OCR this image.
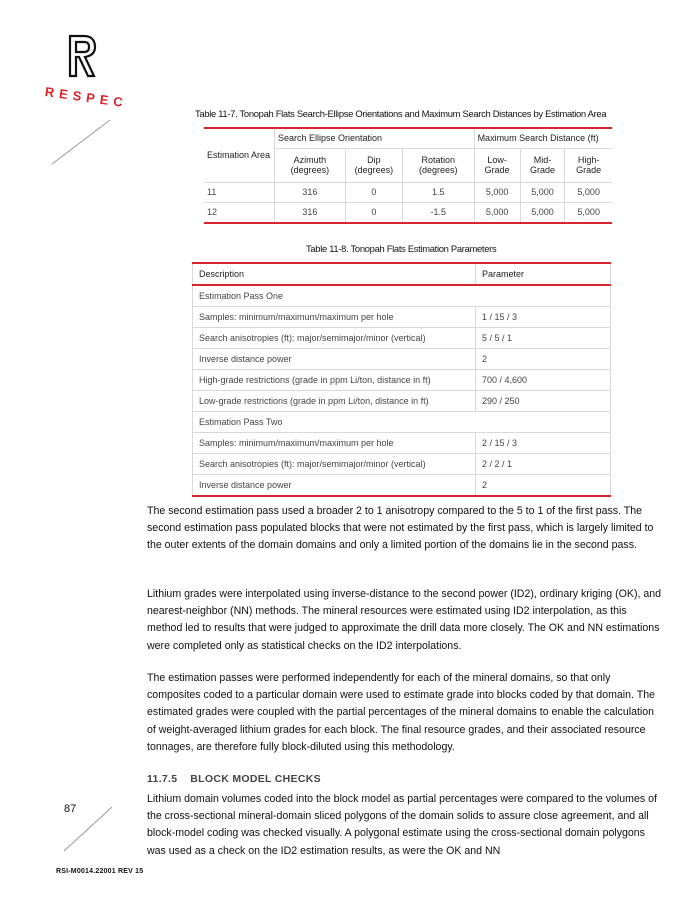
RESPEC
Table 11-7. Tonopah Flats Search-Ellipse Orientations and Maximum Search Distances by Estimation Area
Estimation Area	Search Ellipse Orientation			Maximum Search Distance (ft)		
	Azimuth (degrees)	Dip (degrees)	Rotation (degrees)	Low-Grade	Mid-Grade	High-Grade
11	316	0	1.5	5,000	5,000	5,000
12	316	0	-1.5	5,000	5,000	5,000
Table 11-8. Tonopah Flats Estimation Parameters
Description	Parameter
Estimation Pass One	
Samples: minimum/maximum/maximum per hole	1 / 15 / 3
Search anisotropies (ft): major/semimajor/minor (vertical)	5 / 5 / 1
Inverse distance power	2
High-grade restrictions (grade in ppm Li/ton, distance in ft)	700 / 4,600
Low-grade restrictions (grade in ppm Li/ton, distance in ft)	290 / 250
Estimation Pass Two	
Samples: minimum/maximum/maximum per hole	2 / 15 / 3
Search anisotropies (ft): major/semimajor/minor (vertical)	2 / 2 / 1
Inverse distance power	2

The second estimation pass used a broader 2 to 1 anisotropy compared to the 5 to 1 of the first pass. The second estimation pass populated blocks that were not estimated by the first pass, which is largely limited to the outer extents of the domain domains and only a limited portion of the domains lie in the second pass.

Lithium grades were interpolated using inverse-distance to the second power (ID2), ordinary kriging (OK), and nearest-neighbor (NN) methods. The mineral resources were estimated using ID2 interpolation, as this method led to results that were judged to approximate the drill data more closely. The OK and NN estimations were completed only as statistical checks on the ID2 interpolations.

The estimation passes were performed independently for each of the mineral domains, so that only composites coded to a particular domain were used to estimate grade into blocks coded by that domain. The estimated grades were coupled with the partial percentages of the mineral domains to enable the calculation of weight-averaged lithium grades for each block. The final resource grades, and their associated resource tonnages, are therefore fully block-diluted using this methodology.

11.7.5 BLOCK MODEL CHECKS

Lithium domain volumes coded into the block model as partial percentages were compared to the volumes of the cross-sectional mineral-domain sliced polygons of the domain solids to assure close agreement, and all block-model coding was checked visually. A polygonal estimate using the cross-sectional domain polygons was used as a check on the ID2 estimation results, as were the OK and NN

87
RSI-M0014.22001 REV 15
